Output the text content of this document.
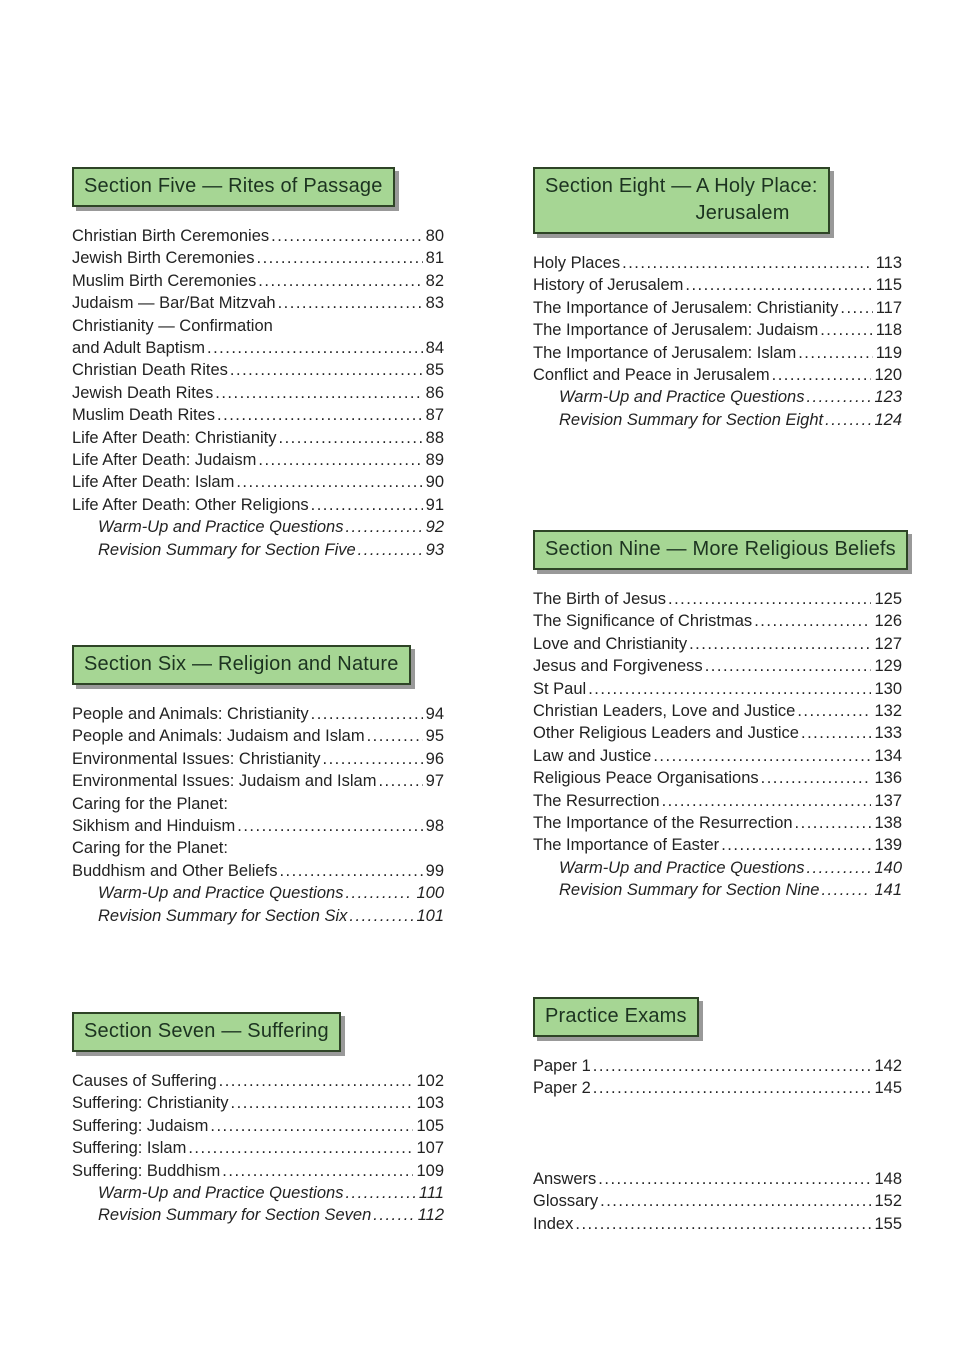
Section Five — Rites of Passage
Christian Birth Ceremonies .....	80
Jewish Birth Ceremonies .....	81
Muslim Birth Ceremonies .....	82
Judaism — Bar/Bat Mitzvah .....	83
Christianity — Confirmation
and Adult Baptism .....	84
Christian Death Rites .....	85
Jewish Death Rites .....	86
Muslim Death Rites .....	87
Life After Death: Christianity .....	88
Life After Death: Judaism .....	89
Life After Death: Islam .....	90
Life After Death: Other Religions .....	91
Warm-Up and Practice Questions .....	92
Revision Summary for Section Five .....	93
Section Six — Religion and Nature
People and Animals: Christianity .....	94
People and Animals: Judaism and Islam .....	95
Environmental Issues: Christianity .....	96
Environmental Issues: Judaism and Islam .....	97
Caring for the Planet:
Sikhism and Hinduism .....	98
Caring for the Planet:
Buddhism and Other Beliefs .....	99
Warm-Up and Practice Questions .....	100
Revision Summary for Section Six .....	101
Section Seven — Suffering
Causes of Suffering .....	102
Suffering: Christianity .....	103
Suffering: Judaism .....	105
Suffering: Islam .....	107
Suffering: Buddhism .....	109
Warm-Up and Practice Questions .....	111
Revision Summary for Section Seven .....	112
Section Eight — A Holy Place:
Jerusalem
Holy Places .....	113
History of Jerusalem .....	115
The Importance of Jerusalem: Christianity ..... 117
The Importance of Jerusalem: Judaism .....	118
The Importance of Jerusalem: Islam .....	119
Conflict and Peace in Jerusalem .....	120
Warm-Up and Practice Questions .....	123
Revision Summary for Section Eight .....	124
Section Nine — More Religious Beliefs
The Birth of Jesus .....	125
The Significance of Christmas .....	126
Love and Christianity .....	127
Jesus and Forgiveness .....	129
St Paul .....	130
Christian Leaders, Love and Justice .....	132
Other Religious Leaders and Justice .....	133
Law and Justice .....	134
Religious Peace Organisations .....	136
The Resurrection .....	137
The Importance of the Resurrection .....	138
The Importance of Easter .....	139
Warm-Up and Practice Questions .....	140
Revision Summary for Section Nine .....	141
Practice Exams
Paper 1 .....	142
Paper 2 .....	145
Answers .....	148
Glossary .....	152
Index .....	155
